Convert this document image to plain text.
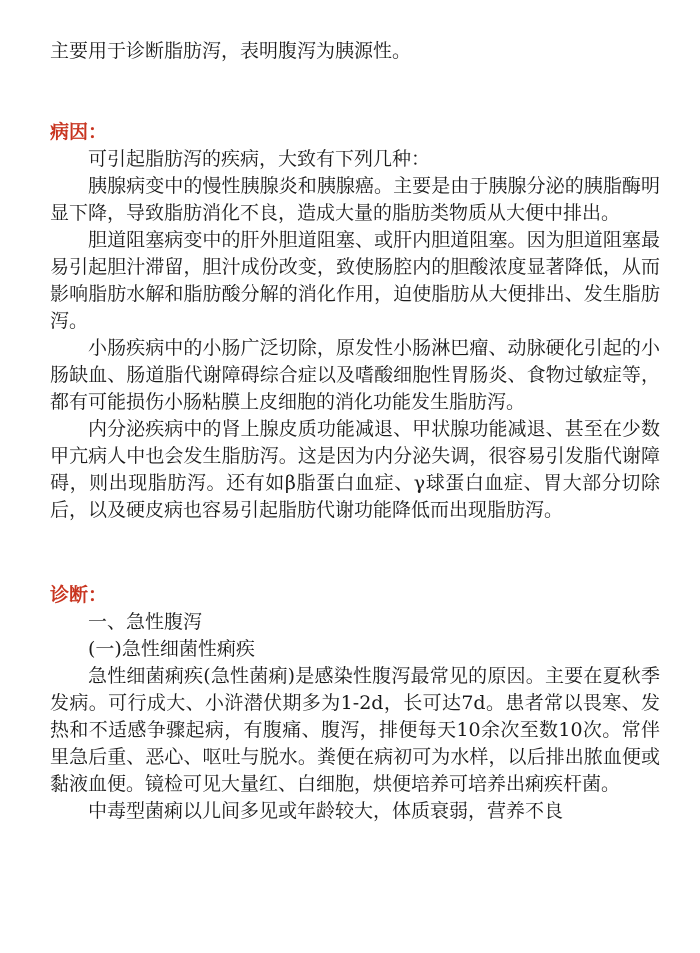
主要用于诊断脂肪泻，表明腹泻为胰源性。

病因：

可引起脂肪泻的疾病，大致有下列几种：

胰腺病变中的慢性胰腺炎和胰腺癌。主要是由于胰腺分泌的胰脂酶明显下降，导致脂肪消化不良，造成大量的脂肪类物质从大便中排出。

胆道阻塞病变中的肝外胆道阻塞、或肝内胆道阻塞。因为胆道阻塞最易引起胆汁滞留，胆汁成份改变，致使肠腔内的胆酸浓度显著降低，从而影响脂肪水解和脂肪酸分解的消化作用，迫使脂肪从大便排出、发生脂肪泻。

小肠疾病中的小肠广泛切除，原发性小肠淋巴瘤、动脉硬化引起的小肠缺血、肠道脂代谢障碍综合症以及嗜酸细胞性胃肠炎、食物过敏症等，都有可能损伤小肠粘膜上皮细胞的消化功能发生脂肪泻。

内分泌疾病中的肾上腺皮质功能减退、甲状腺功能减退、甚至在少数甲亢病人中也会发生脂肪泻。这是因为内分泌失调，很容易引发脂代谢障碍，则出现脂肪泻。还有如β脂蛋白血症、γ球蛋白血症、胃大部分切除后，以及硬皮病也容易引起脂肪代谢功能降低而出现脂肪泻。

诊断：

一、急性腹泻

(一)急性细菌性痢疾

急性细菌痢疾(急性菌痢)是感染性腹泻最常见的原因。主要在夏秋季发病。可行成大、小浒潜伏期多为1-2d，长可达7d。患者常以畏寒、发热和不适感争骤起病，有腹痛、腹泻，排便每天10余次至数10次。常伴里急后重、恶心、呕吐与脱水。粪便在病初可为水样，以后排出脓血便或黏液血便。镜检可见大量红、白细胞，烘便培养可培养出痢疾杆菌。

中毒型菌痢以儿间多见或年龄较大，体质衰弱，营养不良
